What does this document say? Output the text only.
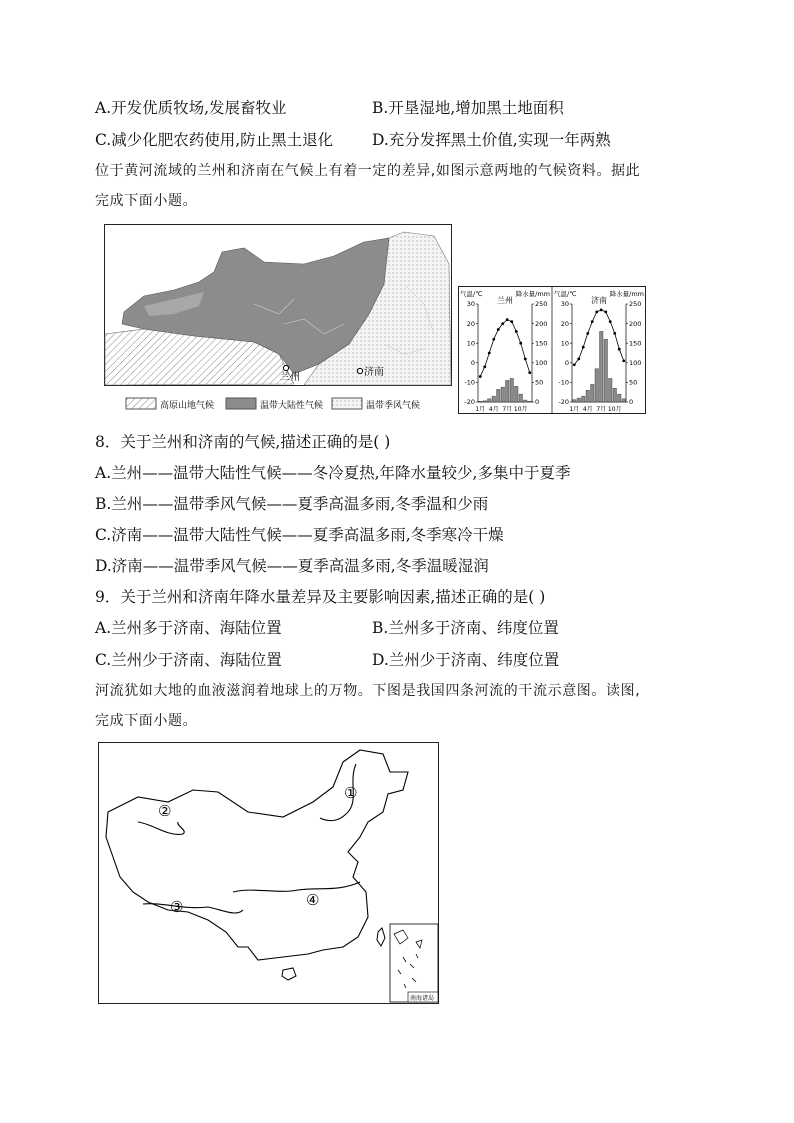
A.开发优质牧场,发展畜牧业	B.开垦湿地,增加黑土地面积
C.减少化肥农药使用,防止黑土退化	D.充分发挥黑土价值,实现一年两熟
位于黄河流域的兰州和济南在气候上有着一定的差异,如图示意两地的气候资料。据此
完成下面小题。
兰州	济南
高原山地气候	温带大陆性气候	温带季风气候
气温/℃	降水量/mm
兰州
30
20
10
0
-10
-20
250
200
150
100
50
0
1月 4月 7月 10月
气温/℃	降水量/mm
济南
30
20
10
0
-10
-20
250
200
150
100
50
0
1月 4月 7月 10月
8．关于兰州和济南的气候,描述正确的是( )
A.兰州——温带大陆性气候——冬冷夏热,年降水量较少,多集中于夏季
B.兰州——温带季风气候——夏季高温多雨,冬季温和少雨
C.济南——温带大陆性气候——夏季高温多雨,冬季寒冷干燥
D.济南——温带季风气候——夏季高温多雨,冬季温暖湿润
9．关于兰州和济南年降水量差异及主要影响因素,描述正确的是( )
A.兰州多于济南、海陆位置	B.兰州多于济南、纬度位置
C.兰州少于济南、海陆位置	D.兰州少于济南、纬度位置
河流犹如大地的血液滋润着地球上的万物。下图是我国四条河流的干流示意图。读图,
完成下面小题。
①
②
③	④
南海诸岛
